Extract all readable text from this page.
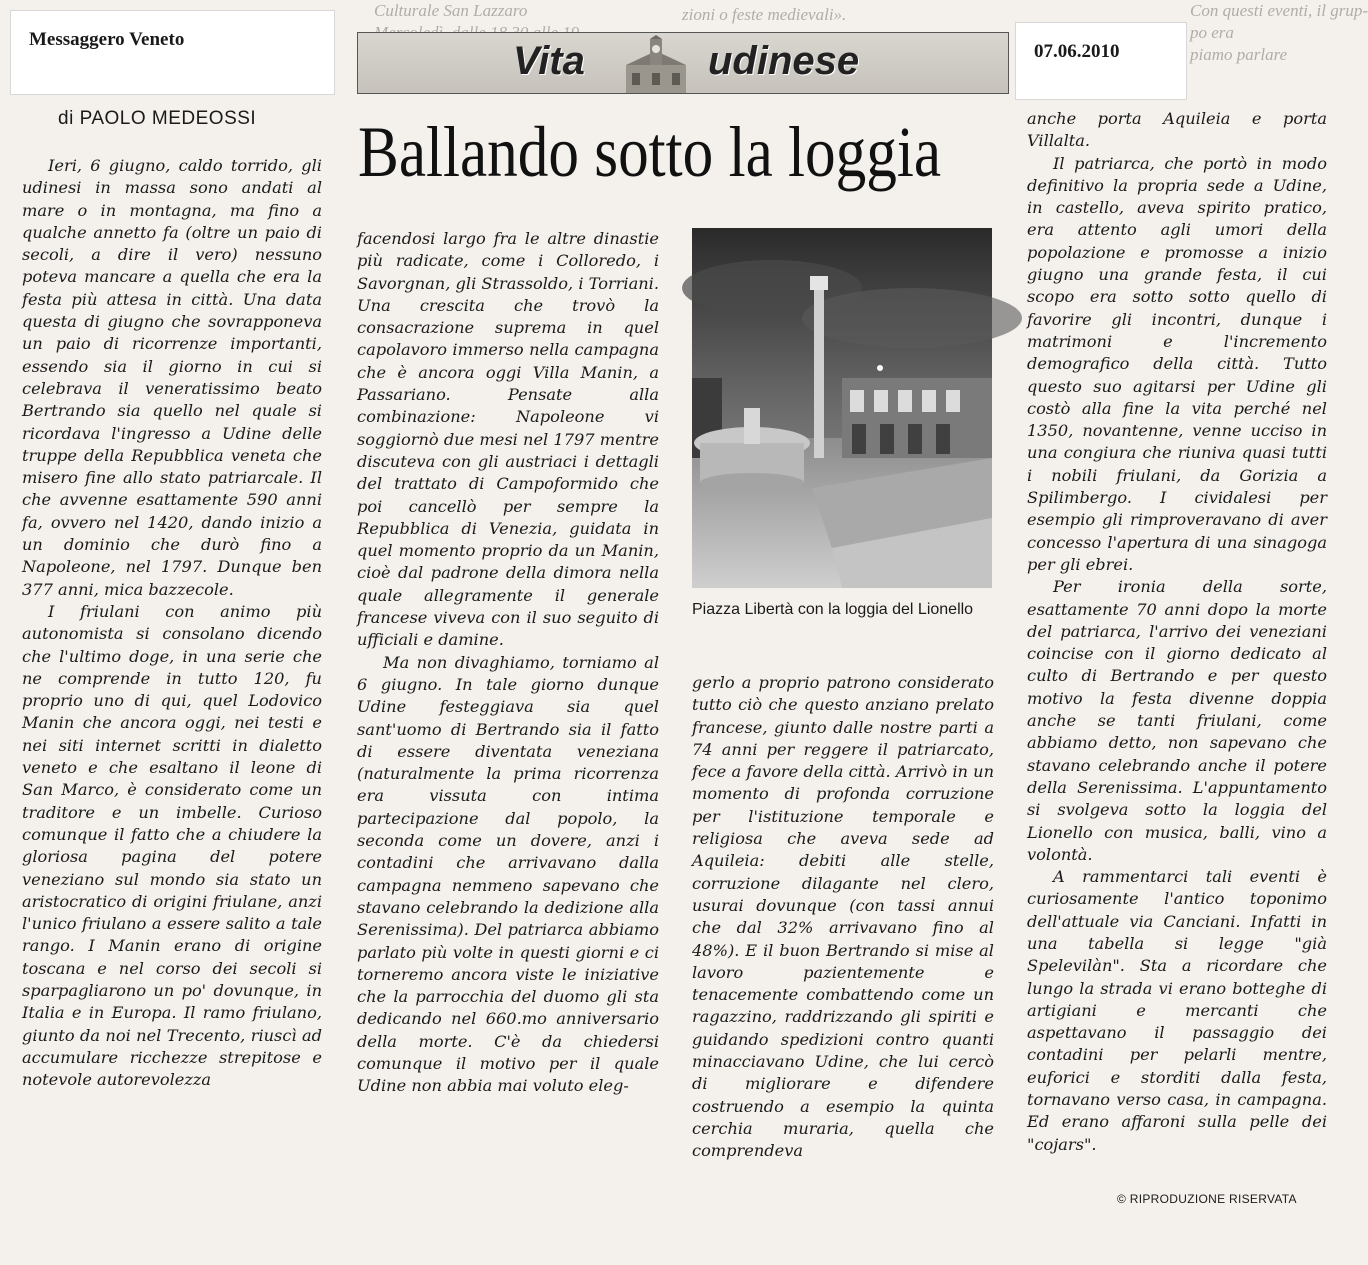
Messaggero Veneto
07.06.2010
Culturale San Lazzaro	zioni o feste medievali».	Con questi eventi, il grup-
po era
piamo parlare
Vita	udinese
di PAOLO MEDEOSSI Ballando sotto la loggia

Ieri, 6 giugno, caldo torrido, gli udinesi in massa sono andati al mare o in montagna, ma fino a qualche annetto fa (oltre un paio di secoli, a dire il vero) nessuno poteva mancare a quella che era la festa più attesa in città. Una data questa di giugno che sovrapponeva un paio di ricorrenze importanti, essendo sia il giorno in cui si celebrava il veneratissimo beato Bertrando sia quello nel quale si ricordava l'ingresso a Udine delle truppe della Repubblica veneta che misero fine allo stato patriarcale. Il che avvenne esattamente 590 anni fa, ovvero nel 1420, dando inizio a un dominio che durò fino a Napoleone, nel 1797. Dunque ben 377 anni, mica bazzecole.

I friulani con animo più autonomista si consolano dicendo che l'ultimo doge, in una serie che ne comprende in tutto 120, fu proprio uno di qui, quel Lodovico Manin che ancora oggi, nei testi e nei siti internet scritti in dialetto veneto e che esaltano il leone di San Marco, è considerato come un traditore e un imbelle. Curioso comunque il fatto che a chiudere la gloriosa pagina del potere veneziano sul mondo sia stato un aristocratico di origini friulane, anzi l'unico friulano a essere salito a tale rango. I Manin erano di origine toscana e nel corso dei secoli si sparpagliarono un po' dovunque, in Italia e in Europa. Il ramo friulano, giunto da noi nel Trecento, riuscì ad accumulare ricchezze strepitose e notevole autorevolezza

facendosi largo fra le altre dinastie più radicate, come i Colloredo, i Savorgnan, gli Strassoldo, i Torriani. Una crescita che trovò la consacrazione suprema in quel capolavoro immerso nella campagna che è ancora oggi Villa Manin, a Passariano. Pensate alla combinazione: Napoleone vi soggiornò due mesi nel 1797 mentre discuteva con gli austriaci i dettagli del trattato di Campoformido che poi cancellò per sempre la Repubblica di Venezia, guidata in quel momento proprio da un Manin, cioè dal padrone della dimora nella quale allegramente il generale francese viveva con il suo seguito di ufficiali e damine.

Ma non divaghiamo, torniamo al 6 giugno. In tale giorno dunque Udine festeggiava sia quel sant'uomo di Bertrando sia il fatto di essere diventata veneziana (naturalmente la prima ricorrenza era vissuta con intima partecipazione dal popolo, la seconda come un dovere, anzi i contadini che arrivavano dalla campagna nemmeno sapevano che stavano celebrando la dedizione alla Serenissima). Del patriarca abbiamo parlato più volte in questi giorni e ci torneremo ancora viste le iniziative che la parrocchia del duomo gli sta dedicando nel 660.mo anniversario della morte. C'è da chiedersi comunque il motivo per il quale Udine non abbia mai voluto eleg-

Piazza Libertà con la loggia del Lionello

gerlo a proprio patrono considerato tutto ciò che questo anziano prelato francese, giunto dalle nostre parti a 74 anni per reggere il patriarcato, fece a favore della città. Arrivò in un momento di profonda corruzione per l'istituzione temporale e religiosa che aveva sede ad Aquileia: debiti alle stelle, corruzione dilagante nel clero, usurai dovunque (con tassi annui che dal 32% arrivavano fino al 48%). E il buon Bertrando si mise al lavoro pazientemente e tenacemente combattendo come un ragazzino, raddrizzando gli spiriti e guidando spedizioni contro quanti minacciavano Udine, che lui cercò di migliorare e difendere costruendo a esempio la quinta cerchia muraria, quella che comprendeva

anche porta Aquileia e porta Villalta.

Il patriarca, che portò in modo definitivo la propria sede a Udine, in castello, aveva spirito pratico, era attento agli umori della popolazione e promosse a inizio giugno una grande festa, il cui scopo era sotto sotto quello di favorire gli incontri, dunque i matrimoni e l'incremento demografico della città. Tutto questo suo agitarsi per Udine gli costò alla fine la vita perché nel 1350, novantenne, venne ucciso in una congiura che riuniva quasi tutti i nobili friulani, da Gorizia a Spilimbergo. I cividalesi per esempio gli rimproveravano di aver concesso l'apertura di una sinagoga per gli ebrei.

Per ironia della sorte, esattamente 70 anni dopo la morte del patriarca, l'arrivo dei veneziani coincise con il giorno dedicato al culto di Bertrando e per questo motivo la festa divenne doppia anche se tanti friulani, come abbiamo detto, non sapevano che stavano celebrando anche il potere della Serenissima. L'appuntamento si svolgeva sotto la loggia del Lionello con musica, balli, vino a volontà.

A rammentarci tali eventi è curiosamente l'antico toponimo dell'attuale via Canciani. Infatti in una tabella si legge "già Spelevilàn". Sta a ricordare che lungo la strada vi erano botteghe di artigiani e mercanti che aspettavano il passaggio dei contadini per pelarli mentre, euforici e storditi dalla festa, tornavano verso casa, in campagna. Ed erano affaroni sulla pelle dei "cojars".

© RIPRODUZIONE RISERVATA
